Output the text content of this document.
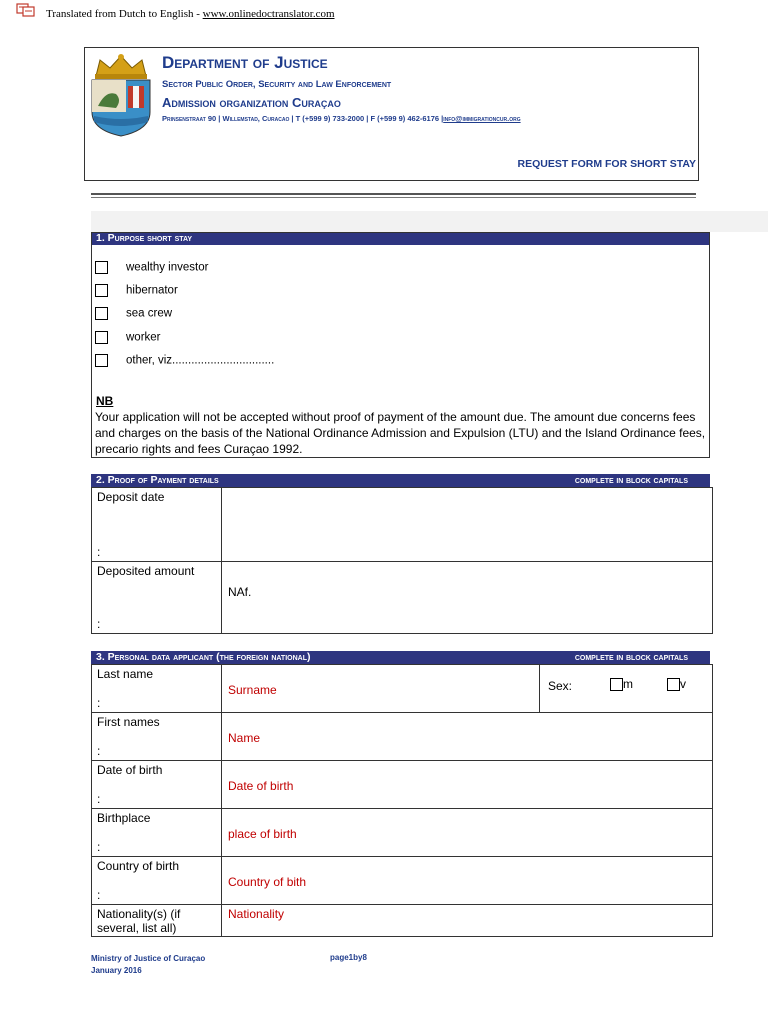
Translated from Dutch to English - www.onlinedoctranslator.com
Department of Justice
Sector Public Order, Security and Law Enforcement
Admission organization Curaçao
Prinsenstraat 90 | Willemstad, Curacao | T (+599 9) 733-2000 | F (+599 9) 462-6176 |info@immigrationcur.org
REQUEST FORM FOR SHORT STAY
1. Purpose short stay
wealthy investor
hibernator
sea crew
worker
other, viz................................
NB
Your application will not be accepted without proof of payment of the amount due. The amount due concerns fees and charges on the basis of the National Ordinance Admission and Expulsion (LTU) and the Island Ordinance fees, precario rights and fees Curaçao 1992.
2. Proof of Payment details	complete in block capitals
Deposit date
:	

Deposited amount
:	NAf.
3. Personal data applicant (the foreign national)	complete in block capitals
Last name
:	Surname	Sex: m v

First names
:	Name	

Date of birth
:	Date of birth	

Birthplace
:	place of birth	

Country of birth
:	Country of bith	

Nationality(s) (if several, list all)	Nationality	
Ministry of Justice of Curaçao
January 2016
page1by8
